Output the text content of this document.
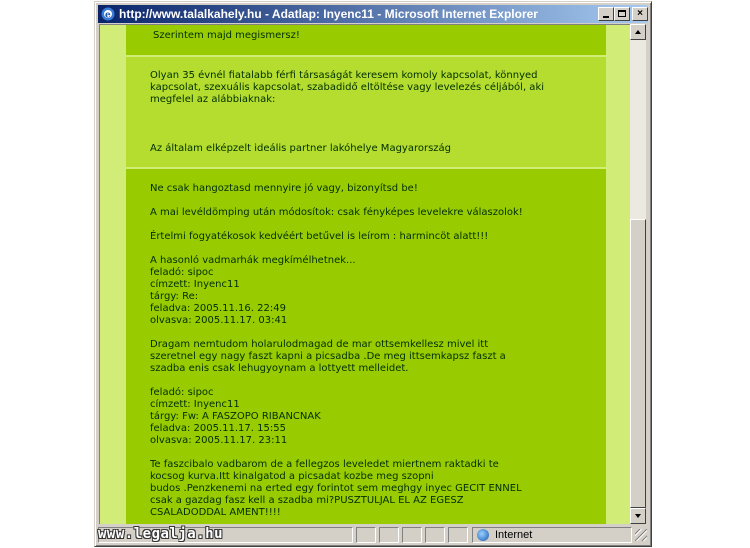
e http://www.talalkahely.hu - Adatlap: Inyenc11 - Microsoft Internet Explorer	×

Szerintem majd megismersz!

Olyan 35 évnél fiatalabb férfi társaságát keresem komoly kapcsolat, könnyed kapcsolat, szexuális kapcsolat, szabadidő eltöltése vagy levelezés céljából, aki megfelel az alábbiaknak:

Az általam elképzelt ideális partner lakóhelye Magyarország

Ne csak hangoztasd mennyire jó vagy, bizonyítsd be!
A mai levéldömping után módosítok: csak fényképes levelekre válaszolok!
Értelmi fogyatékosok kedvéért betűvel is leírom : harmincöt alatt!!!
A hasonló vadmarhák megkímélhetnek...
feladó: sipoc
címzett: Inyenc11
tárgy: Re:
feladva: 2005.11.16. 22:49
olvasva: 2005.11.17. 03:41
Dragam nemtudom holarulodmagad de mar ottsemkellesz mivel itt
szeretnel egy nagy faszt kapni a picsadba .De meg ittsemkapsz faszt a
szadba enis csak lehugyoynam a lottyett melleidet.
feladó: sipoc
címzett: Inyenc11
tárgy: Fw: A FASZOPO RIBANCNAK
feladva: 2005.11.17. 15:55
olvasva: 2005.11.17. 23:11
Te faszcibalo vadbarom de a fellegzos leveledet miertnem raktadki te
kocsog kurva.Itt kinalgatod a picsadat kozbe meg szopni
budos .Penzkenemi na erted egy forintot sem meghgy inyec GECIT ENNEL
csak a gazdag fasz kell a szadba mi?PUSZTULJAL EL AZ EGESZ
CSALADODDAL AMENT!!!!
Internet
www.legalja.hu
